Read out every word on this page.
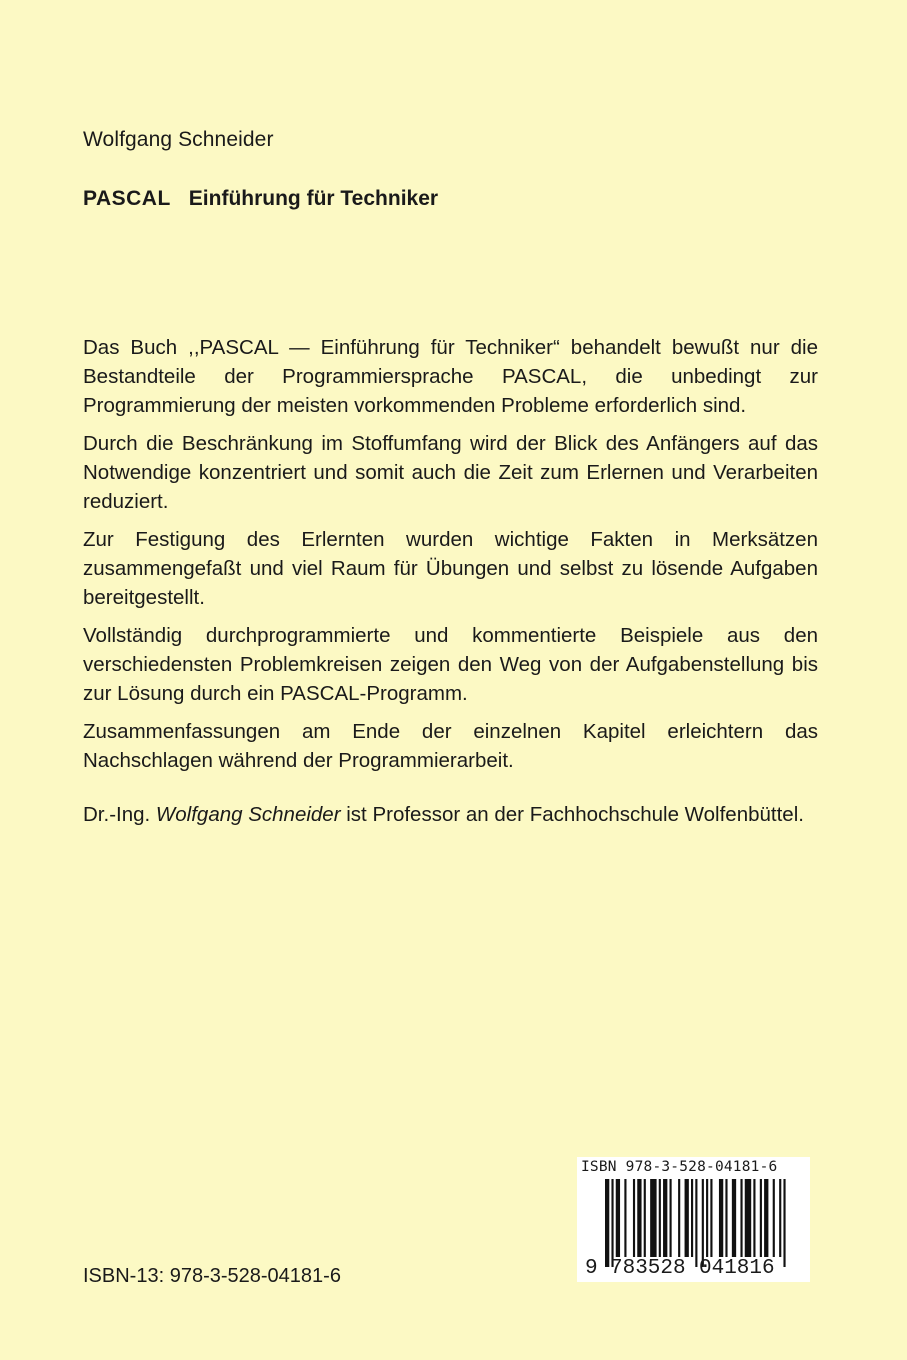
Wolfgang Schneider
PASCAL Einführung für Techniker

Das Buch ,,PASCAL — Einführung für Techniker“ behandelt bewußt nur die Bestandteile der Programmiersprache PASCAL, die unbedingt zur Programmierung der meisten vorkommenden Probleme erforderlich sind.

Durch die Beschränkung im Stoffumfang wird der Blick des Anfängers auf das Notwendige konzentriert und somit auch die Zeit zum Erlernen und Verarbeiten reduziert.

Zur Festigung des Erlernten wurden wichtige Fakten in Merksätzen zusammengefaßt und viel Raum für Übungen und selbst zu lösende Aufgaben bereitgestellt.

Vollständig durchprogrammierte und kommentierte Beispiele aus den verschiedensten Problemkreisen zeigen den Weg von der Aufgabenstellung bis zur Lösung durch ein PASCAL-Programm.

Zusammenfassungen am Ende der einzelnen Kapitel erleichtern das Nachschlagen während der Programmierarbeit.

Dr.-Ing. Wolfgang Schneider ist Professor an der Fachhochschule Wolfenbüttel.
ISBN-13: 978-3-528-04181-6
ISBN 978-3-528-04181-6
9 783528 041816
